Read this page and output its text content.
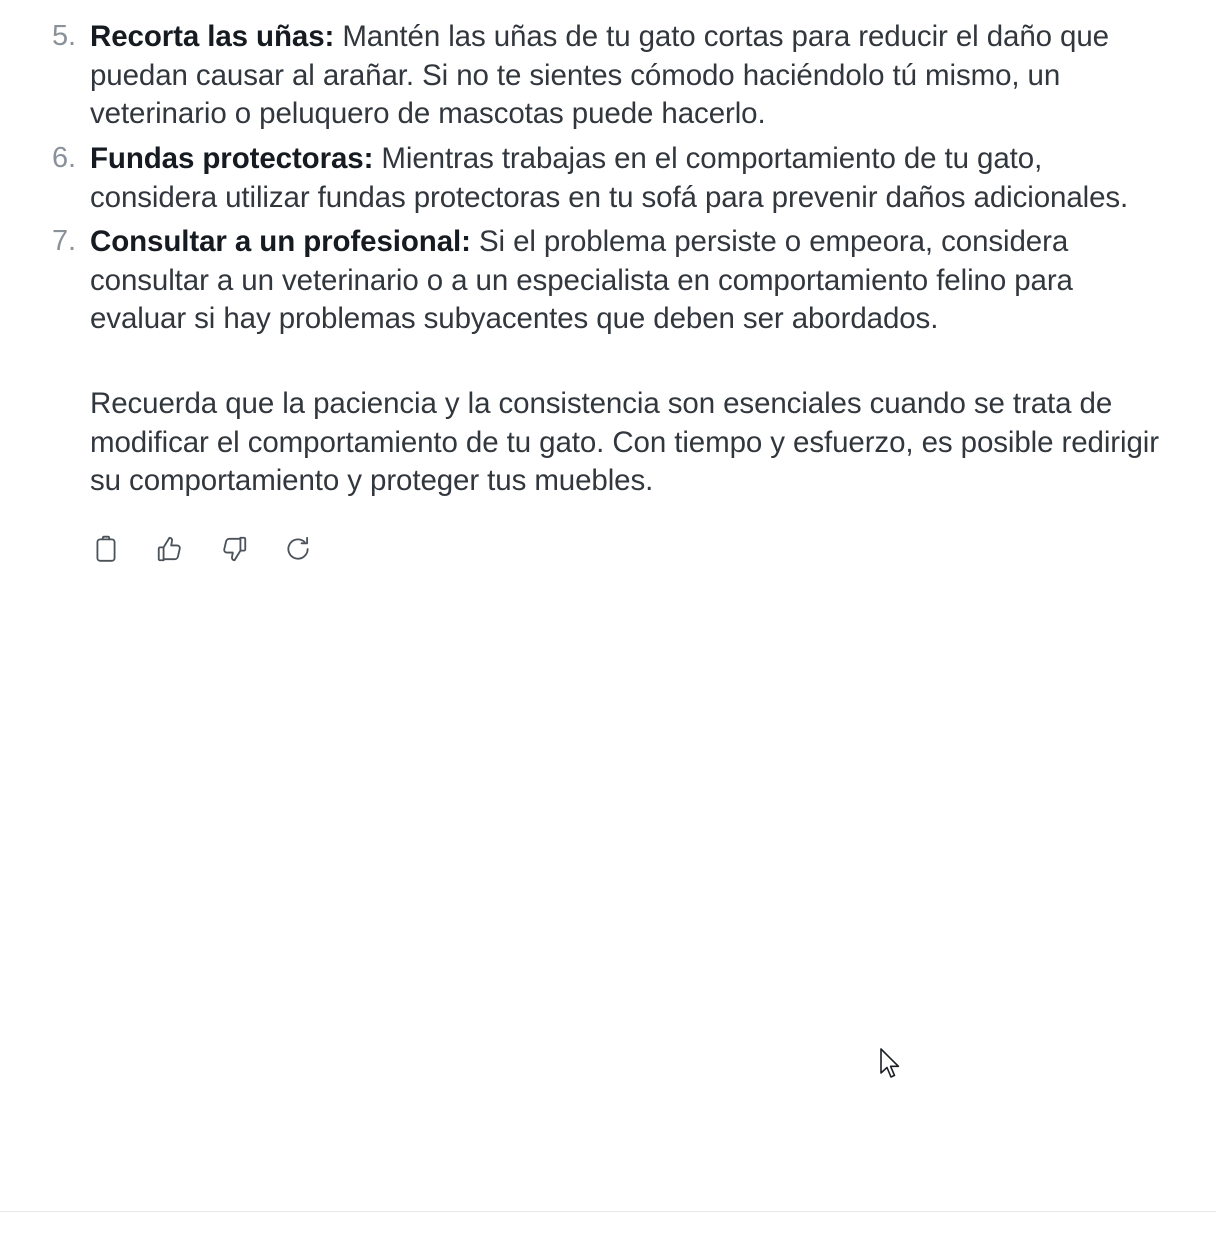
5. Recorta las uñas: Mantén las uñas de tu gato cortas para reducir el daño que puedan causar al arañar. Si no te sientes cómodo haciéndolo tú mismo, un veterinario o peluquero de mascotas puede hacerlo.
6. Fundas protectoras: Mientras trabajas en el comportamiento de tu gato, considera utilizar fundas protectoras en tu sofá para prevenir daños adicionales.
7. Consultar a un profesional: Si el problema persiste o empeora, considera consultar a un veterinario o a un especialista en comportamiento felino para evaluar si hay problemas subyacentes que deben ser abordados.

Recuerda que la paciencia y la consistencia son esenciales cuando se trata de modificar el comportamiento de tu gato. Con tiempo y esfuerzo, es posible redirigir su comportamiento y proteger tus muebles.
